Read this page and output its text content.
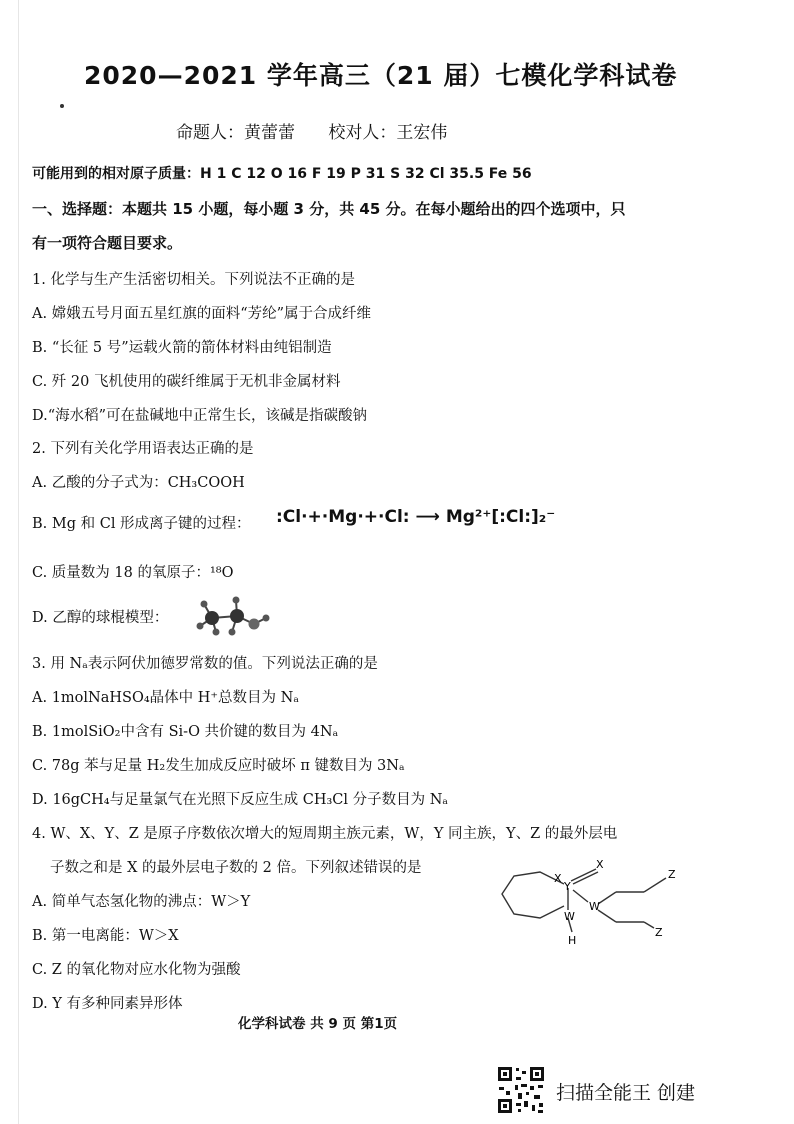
2020—2021 学年高三（21 届）七模化学科试卷
命题人：黄蕾蕾 校对人：王宏伟
可能用到的相对原子质量：H 1 C 12 O 16 F 19 P 31 S 32 Cl 35.5 Fe 56
一、选择题：本题共 15 小题，每小题 3 分，共 45 分。在每小题给出的四个选项中，只
有一项符合题目要求。
1. 化学与生产生活密切相关。下列说法不正确的是
A. 嫦娥五号月面五星红旗的面料“芳纶”属于合成纤维
B. “长征 5 号”运载火箭的箭体材料由纯铝制造
C. 歼 20 飞机使用的碳纤维属于无机非金属材料
D.“海水稻”可在盐碱地中正常生长，该碱是指碳酸钠
2. 下列有关化学用语表达正确的是
A. 乙酸的分子式为：CH₃COOH
B. Mg 和 Cl 形成离子键的过程： :Cl·+·Mg·+·Cl: ⟶ Mg²⁺[:Cl:]₂⁻
C. 质量数为 18 的氧原子：¹⁸O
D. 乙醇的球棍模型：
3. 用 Nₐ表示阿伏加德罗常数的值。下列说法正确的是
A. 1molNaHSO₄晶体中 H⁺总数目为 Nₐ
B. 1molSiO₂中含有 Si-O 共价键的数目为 4Nₐ
C. 78g 苯与足量 H₂发生加成反应时破坏 π 键数目为 3Nₐ
D. 16gCH₄与足量氯气在光照下反应生成 CH₃Cl 分子数目为 Nₐ
4. W、X、Y、Z 是原子序数依次增大的短周期主族元素，W，Y 同主族，Y、Z 的最外层电
子数之和是 X 的最外层电子数的 2 倍。下列叙述错误的是
A. 简单气态氢化物的沸点：W＞Y
B. 第一电离能：W＞X
C. Z 的氧化物对应水化物为强酸
D. Y 有多种同素异形体
X
X
Y
W
W
H
Z
Z
化学科试卷 共 9 页 第1页
扫描全能王 创建
